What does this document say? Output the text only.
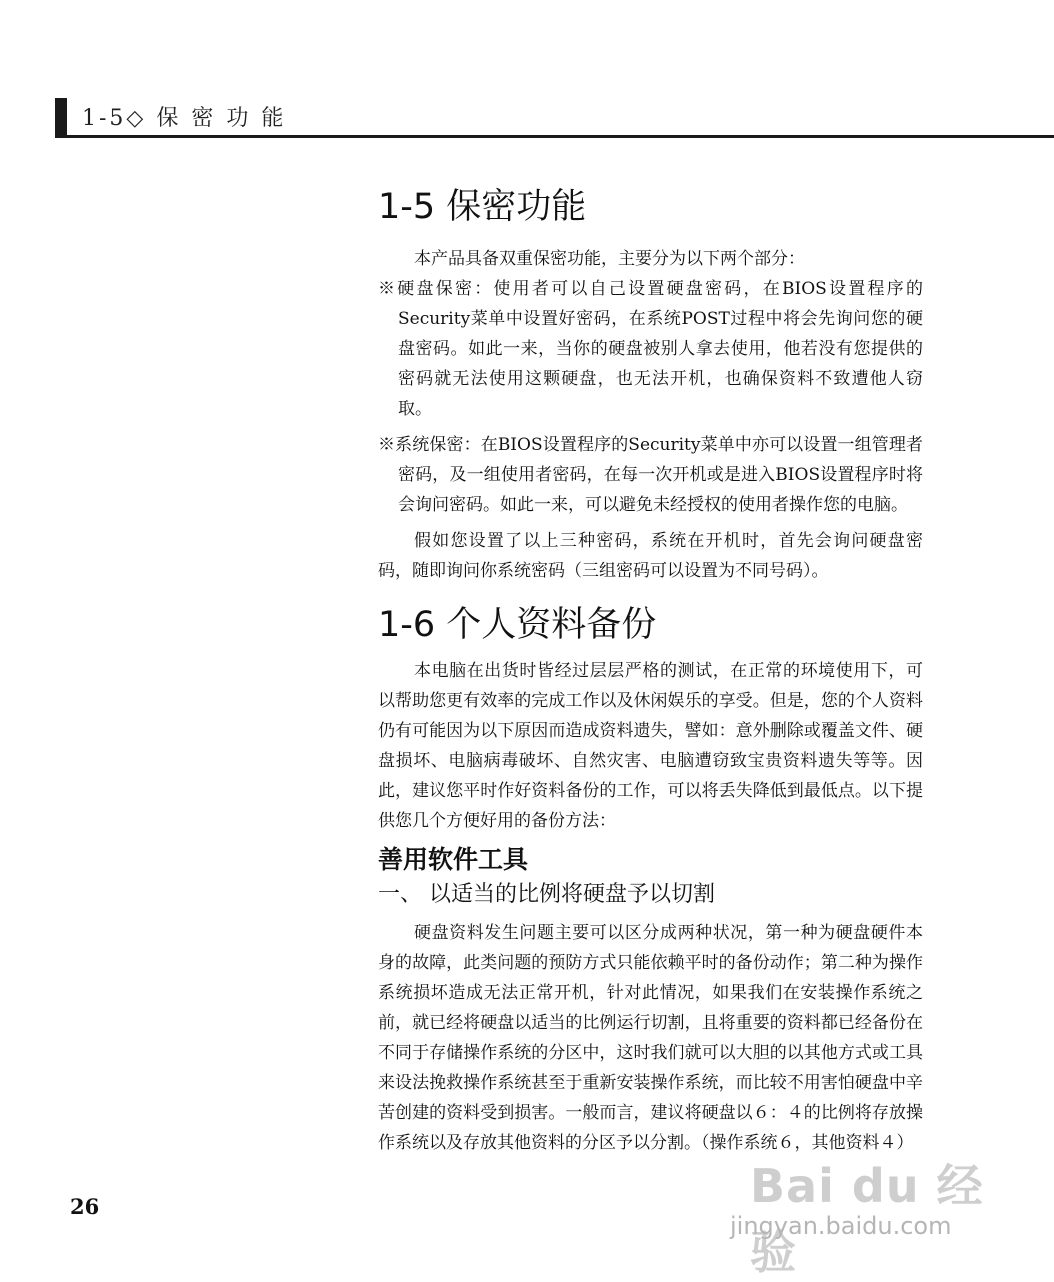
1-5◇ 保 密 功 能
1-5 保密功能

本产品具备双重保密功能，主要分为以下两个部分：

※硬盘保密：使用者可以自己设置硬盘密码，在BIOS设置程序的Security菜单中设置好密码，在系统POST过程中将会先询问您的硬盘密码。如此一来，当你的硬盘被别人拿去使用，他若没有您提供的密码就无法使用这颗硬盘，也无法开机，也确保资料不致遭他人窃取。

※系统保密：在BIOS设置程序的Security菜单中亦可以设置一组管理者密码，及一组使用者密码，在每一次开机或是进入BIOS设置程序时将会询问密码。如此一来，可以避免未经授权的使用者操作您的电脑。

假如您设置了以上三种密码，系统在开机时，首先会询问硬盘密码，随即询问你系统密码（三组密码可以设置为不同号码）。

1-6 个人资料备份

本电脑在出货时皆经过层层严格的测试，在正常的环境使用下，可以帮助您更有效率的完成工作以及休闲娱乐的享受。但是，您的个人资料仍有可能因为以下原因而造成资料遗失，譬如：意外删除或覆盖文件、硬盘损坏、电脑病毒破坏、自然灾害、电脑遭窃致宝贵资料遗失等等。因此，建议您平时作好资料备份的工作，可以将丢失降低到最低点。以下提供您几个方便好用的备份方法：

善用软件工具
一、 以适当的比例将硬盘予以切割

硬盘资料发生问题主要可以区分成两种状况，第一种为硬盘硬件本身的故障，此类问题的预防方式只能依赖平时的备份动作；第二种为操作系统损坏造成无法正常开机，针对此情况，如果我们在安装操作系统之前，就已经将硬盘以适当的比例运行切割，且将重要的资料都已经备份在不同于存储操作系统的分区中，这时我们就可以大胆的以其他方式或工具来设法挽救操作系统甚至于重新安装操作系统，而比较不用害怕硬盘中辛苦创建的资料受到损害。一般而言，建议将硬盘以６：４的比例将存放操作系统以及存放其他资料的分区予以分割。（操作系统６，其他资料４）

26	Bai du 经验
jingyan.baidu.com
